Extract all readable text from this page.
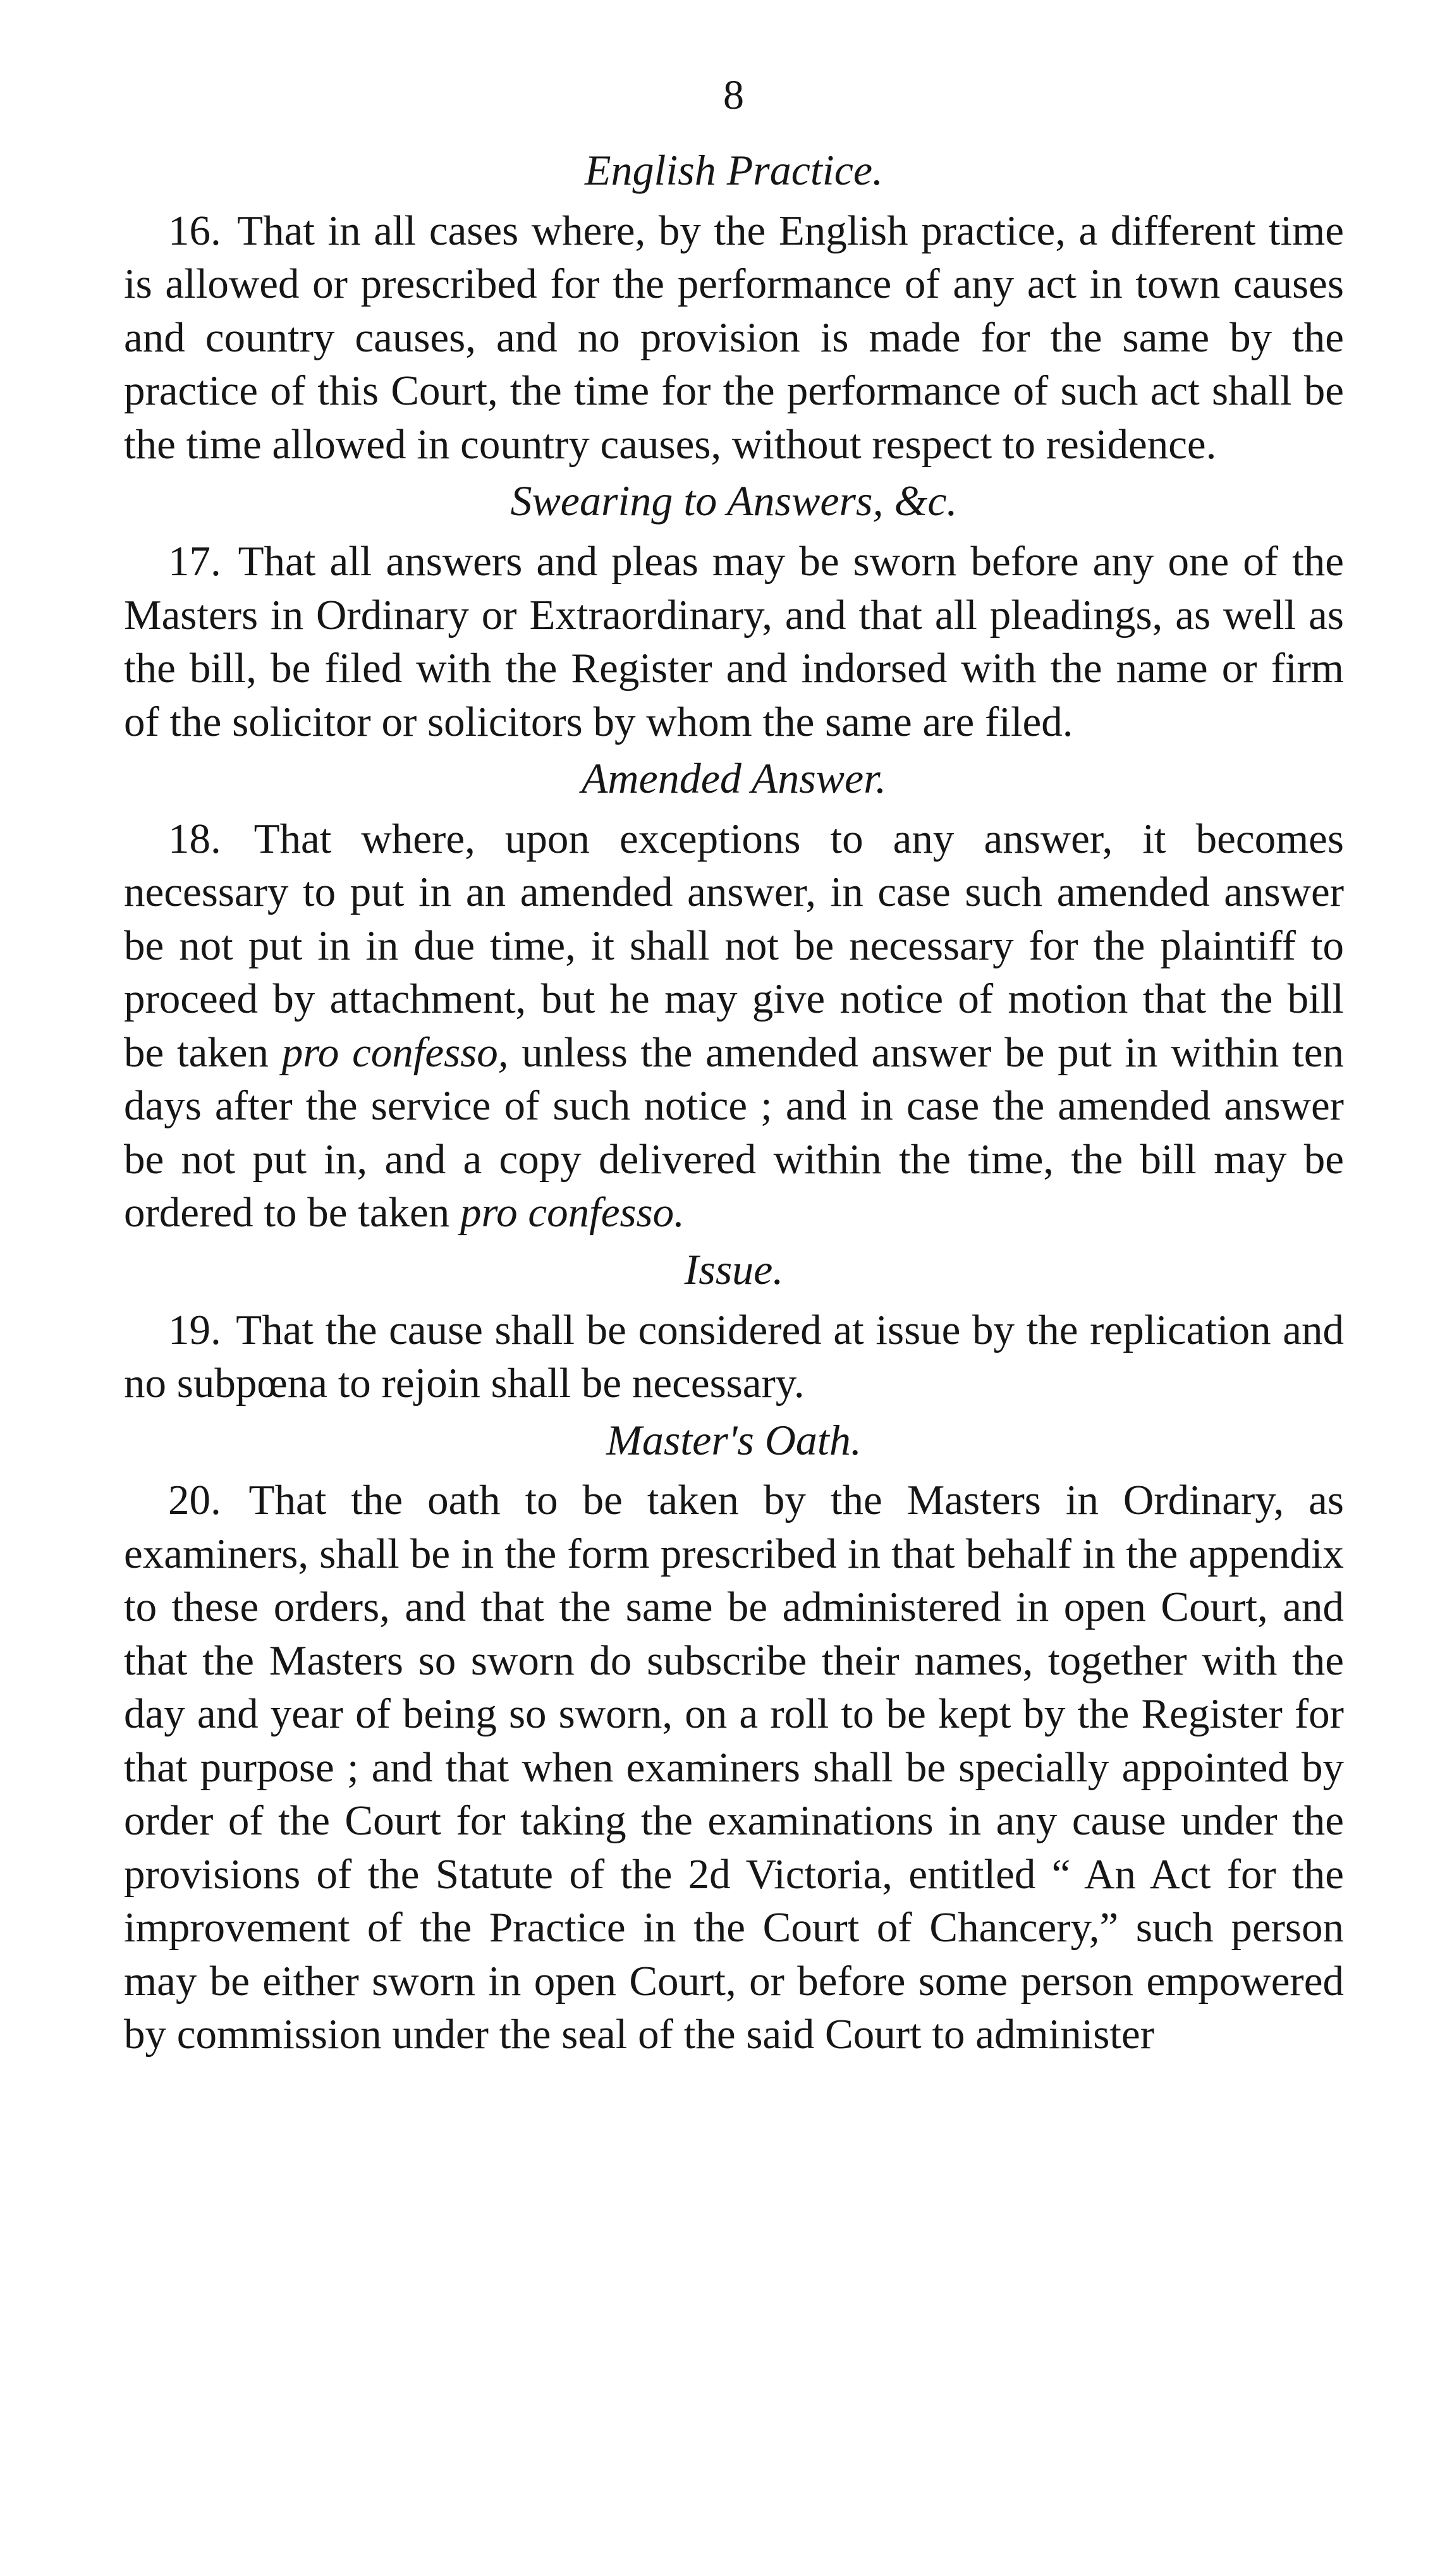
8
English Practice.

16. That in all cases where, by the English practice, a different time is allowed or prescribed for the performance of any act in town causes and country causes, and no provision is made for the same by the practice of this Court, the time for the performance of such act shall be the time allowed in country causes, without respect to residence.

Swearing to Answers, &c.

17. That all answers and pleas may be sworn before any one of the Masters in Ordinary or Extraordinary, and that all pleadings, as well as the bill, be filed with the Register and indorsed with the name or firm of the solicitor or solicitors by whom the same are filed.

Amended Answer.

18. That where, upon exceptions to any answer, it becomes necessary to put in an amended answer, in case such amended answer be not put in in due time, it shall not be necessary for the plaintiff to proceed by attachment, but he may give notice of motion that the bill be taken pro confesso, unless the amended answer be put in within ten days after the service of such notice ; and in case the amended answer be not put in, and a copy delivered within the time, the bill may be ordered to be taken pro confesso.

Issue.

19. That the cause shall be considered at issue by the replication and no subpœna to rejoin shall be necessary.

Master's Oath.

20. That the oath to be taken by the Masters in Ordinary, as examiners, shall be in the form prescribed in that behalf in the appendix to these orders, and that the same be administered in open Court, and that the Masters so sworn do subscribe their names, together with the day and year of being so sworn, on a roll to be kept by the Register for that purpose ; and that when examiners shall be specially appointed by order of the Court for taking the examinations in any cause under the provisions of the Statute of the 2d Victoria, entitled “ An Act for the improvement of the Practice in the Court of Chancery,” such person may be either sworn in open Court, or before some person empowered by commission under the seal of the said Court to administer
